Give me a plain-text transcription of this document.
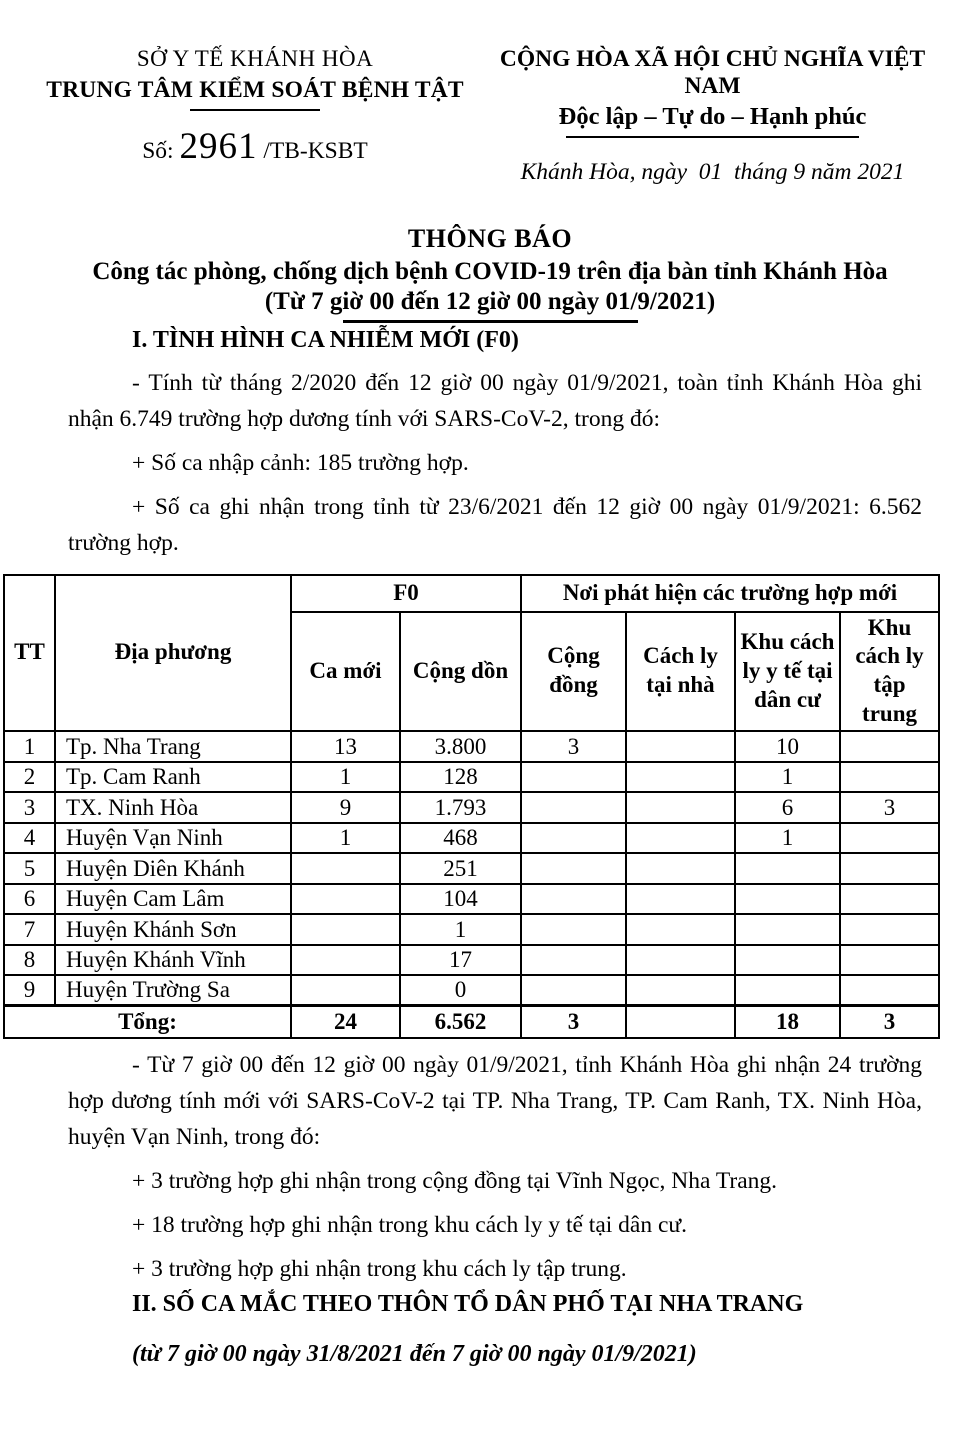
SỞ Y TẾ KHÁNH HÒA
TRUNG TÂM KIỂM SOÁT BỆNH TẬT
Số: 2961 /TB-KSBT
CỘNG HÒA XÃ HỘI CHỦ NGHĨA VIỆT NAM
Độc lập – Tự do – Hạnh phúc
Khánh Hòa, ngày  01  tháng 9 năm 2021
THÔNG BÁO
Công tác phòng, chống dịch bệnh COVID-19 trên địa bàn tỉnh Khánh Hòa
(Từ 7 giờ 00 đến 12 giờ 00 ngày 01/9/2021)

I. TÌNH HÌNH CA NHIỄM MỚI (F0)

- Tính từ tháng 2/2020 đến 12 giờ 00 ngày 01/9/2021, toàn tỉnh Khánh Hòa ghi nhận 6.749 trường hợp dương tính với SARS-CoV-2, trong đó:

+ Số ca nhập cảnh: 185 trường hợp.

+ Số ca ghi nhận trong tỉnh từ 23/6/2021 đến 12 giờ 00 ngày 01/9/2021: 6.562 trường hợp.

TT	Địa phương	F0		Nơi phát hiện các trường hợp mới			
		Ca mới	Cộng dồn	Cộng đồng	Cách ly tại nhà	Khu cách ly y tế tại dân cư	Khu cách ly tập trung
1	Tp. Nha Trang	13	3.800	3		10	
2	Tp. Cam Ranh	1	128			1	
3	TX. Ninh Hòa	9	1.793			6	3
4	Huyện Vạn Ninh	1	468			1	
5	Huyện Diên Khánh		251				
6	Huyện Cam Lâm		104				
7	Huyện Khánh Sơn		1				
8	Huyện Khánh Vĩnh		17				
9	Huyện Trường Sa		0				
Tổng:		24	6.562	3		18	3

- Từ 7 giờ 00 đến 12 giờ 00 ngày 01/9/2021, tỉnh Khánh Hòa ghi nhận 24 trường hợp dương tính mới với SARS-CoV-2 tại TP. Nha Trang, TP. Cam Ranh, TX. Ninh Hòa, huyện Vạn Ninh, trong đó:

+ 3 trường hợp ghi nhận trong cộng đồng tại Vĩnh Ngọc, Nha Trang.

+ 18 trường hợp ghi nhận trong khu cách ly y tế tại dân cư.

+ 3 trường hợp ghi nhận trong khu cách ly tập trung.

II. SỐ CA MẮC THEO THÔN TỔ DÂN PHỐ TẠI NHA TRANG

(từ 7 giờ 00 ngày 31/8/2021 đến 7 giờ 00 ngày 01/9/2021)
